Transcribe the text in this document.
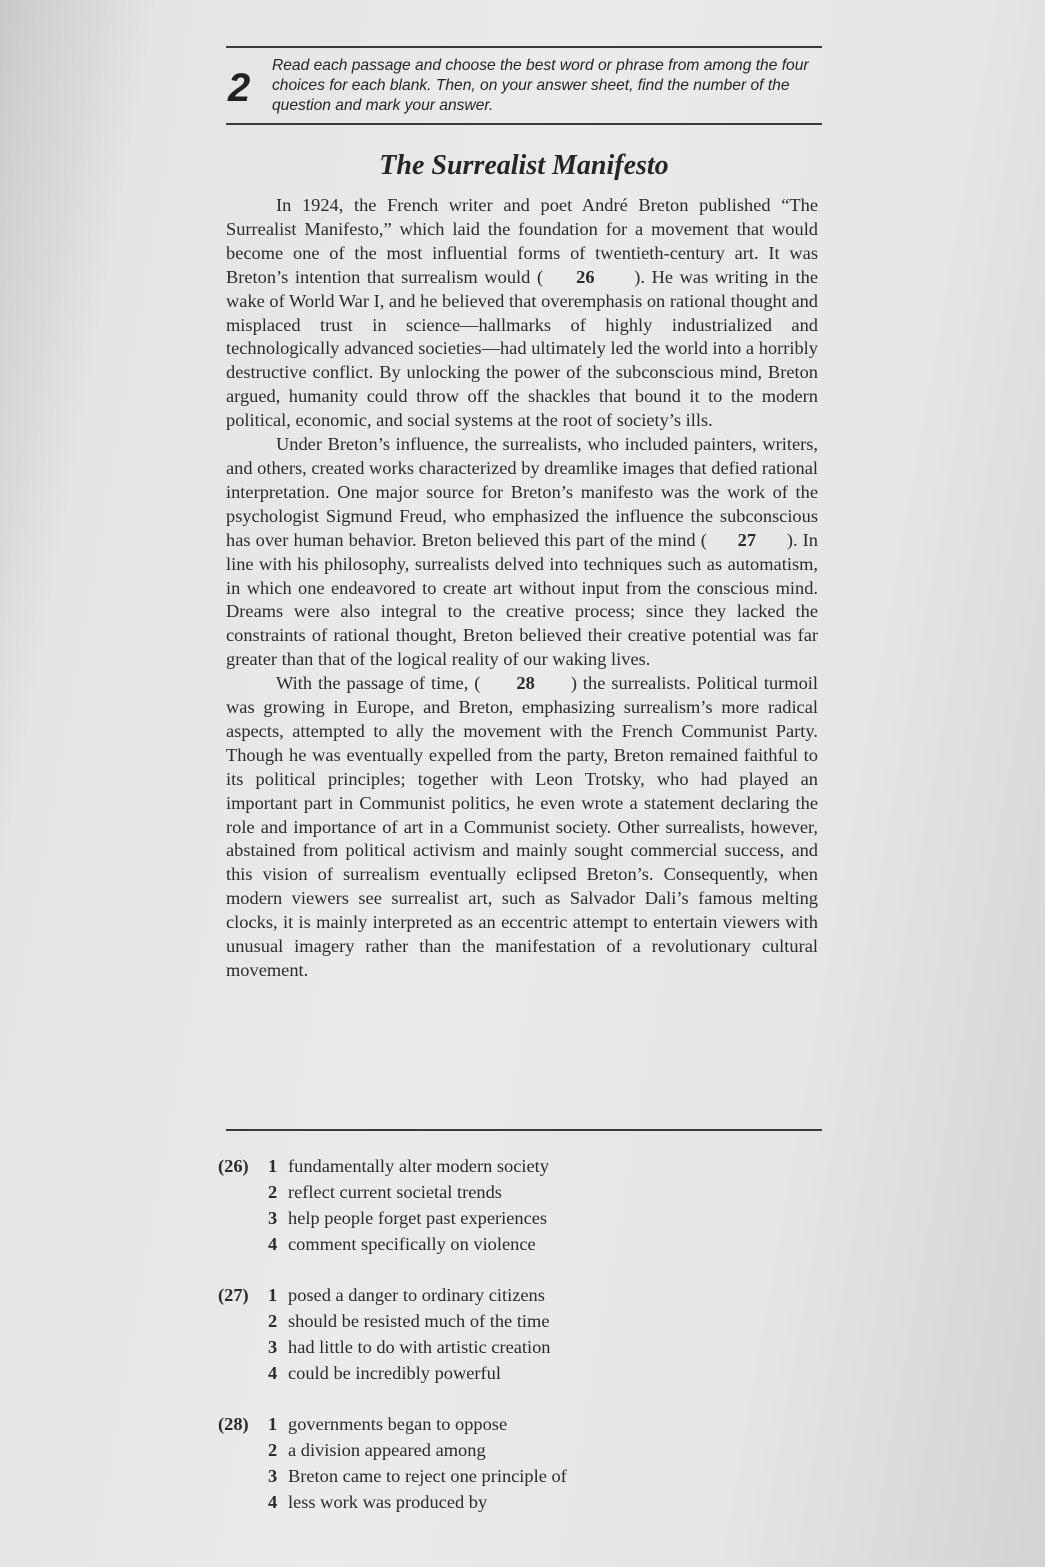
2
Read each passage and choose the best word or phrase from among the four choices for each blank. Then, on your answer sheet, find the number of the question and mark your answer.
The Surrealist Manifesto

In 1924, the French writer and poet André Breton published “The Surrealist Manifesto,” which laid the foundation for a movement that would become one of the most influential forms of twentieth-century art. It was Breton’s intention that surrealism would ( 26 ). He was writing in the wake of World War I, and he believed that overemphasis on rational thought and misplaced trust in science—hallmarks of highly industrialized and technologically advanced societies—had ultimately led the world into a horribly destructive conflict. By unlocking the power of the subconscious mind, Breton argued, humanity could throw off the shackles that bound it to the modern political, economic, and social systems at the root of society’s ills.

Under Breton’s influence, the surrealists, who included painters, writers, and others, created works characterized by dreamlike images that defied rational interpretation. One major source for Breton’s manifesto was the work of the psychologist Sigmund Freud, who emphasized the influence the subconscious has over human behavior. Breton believed this part of the mind ( 27 ). In line with his philosophy, surrealists delved into techniques such as automatism, in which one endeavored to create art without input from the conscious mind. Dreams were also integral to the creative process; since they lacked the constraints of rational thought, Breton believed their creative potential was far greater than that of the logical reality of our waking lives.

With the passage of time, ( 28 ) the surrealists. Political turmoil was growing in Europe, and Breton, emphasizing surrealism’s more radical aspects, attempted to ally the movement with the French Communist Party. Though he was eventually expelled from the party, Breton remained faithful to its political principles; together with Leon Trotsky, who had played an important part in Communist politics, he even wrote a statement declaring the role and importance of art in a Communist society. Other surrealists, however, abstained from political activism and mainly sought commercial success, and this vision of surrealism eventually eclipsed Breton’s. Consequently, when modern viewers see surrealist art, such as Salvador Dali’s famous melting clocks, it is mainly interpreted as an eccentric attempt to entertain viewers with unusual imagery rather than the manifestation of a revolutionary cultural movement.

(26)	1 fundamentally alter modern society
2 reflect current societal trends
3 help people forget past experiences
4 comment specifically on violence
(27)	1 posed a danger to ordinary citizens
2 should be resisted much of the time
3 had little to do with artistic creation
4 could be incredibly powerful
(28)	1 governments began to oppose
2 a division appeared among
3 Breton came to reject one principle of
4 less work was produced by
